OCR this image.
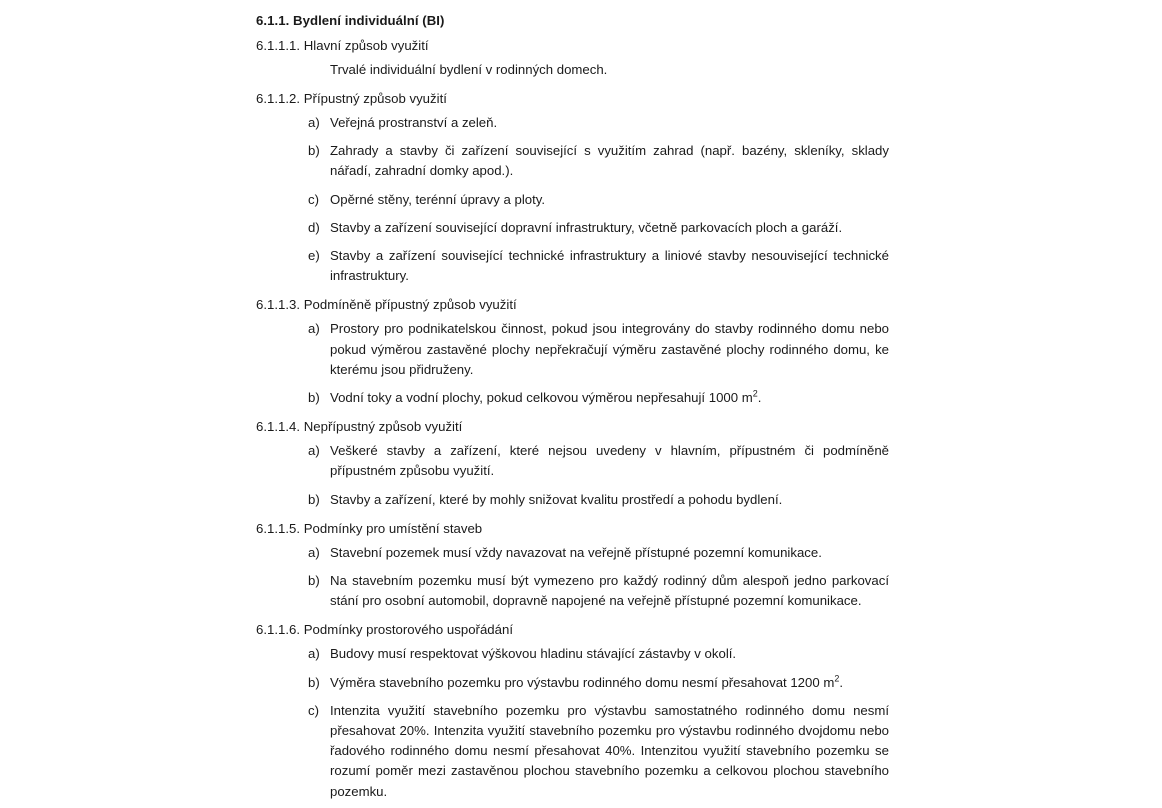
6.1.1. Bydlení individuální (BI)
6.1.1.1. Hlavní způsob využití

Trvalé individuální bydlení v rodinných domech.

6.1.1.2. Přípustný způsob využití
a) Veřejná prostranství a zeleň.
b) Zahrady a stavby či zařízení související s využitím zahrad (např. bazény, skleníky, sklady nářadí, zahradní domky apod.).
c) Opěrné stěny, terénní úpravy a ploty.
d) Stavby a zařízení související dopravní infrastruktury, včetně parkovacích ploch a garáží.
e) Stavby a zařízení související technické infrastruktury a liniové stavby nesouvisející technické infrastruktury.
6.1.1.3. Podmíněně přípustný způsob využití
a) Prostory pro podnikatelskou činnost, pokud jsou integrovány do stavby rodinného domu nebo pokud výměrou zastavěné plochy nepřekračují výměru zastavěné plochy rodinného domu, ke kterému jsou přidruženy.
b) Vodní toky a vodní plochy, pokud celkovou výměrou nepřesahují 1000 $m^2$.
6.1.1.4. Nepřípustný způsob využití
a) Veškeré stavby a zařízení, které nejsou uvedeny v hlavním, přípustném či podmíněně přípustném způsobu využití.
b) Stavby a zařízení, které by mohly snižovat kvalitu prostředí a pohodu bydlení.
6.1.1.5. Podmínky pro umístění staveb
a) Stavební pozemek musí vždy navazovat na veřejně přístupné pozemní komunikace.
b) Na stavebním pozemku musí být vymezeno pro každý rodinný dům alespoň jedno parkovací stání pro osobní automobil, dopravně napojené na veřejně přístupné pozemní komunikace.
6.1.1.6. Podmínky prostorového uspořádání
a) Budovy musí respektovat výškovou hladinu stávající zástavby v okolí.
b) Výměra stavebního pozemku pro výstavbu rodinného domu nesmí přesahovat 1200 $m^2$.
c) Intenzita využití stavebního pozemku pro výstavbu samostatného rodinného domu nesmí přesahovat 20%. Intenzita využití stavebního pozemku pro výstavbu rodinného dvojdomu nebo řadového rodinného domu nesmí přesahovat 40%. Intenzitou využití stavebního pozemku se rozumí poměr mezi zastavěnou plochou stavebního pozemku a celkovou plochou stavebního pozemku.
